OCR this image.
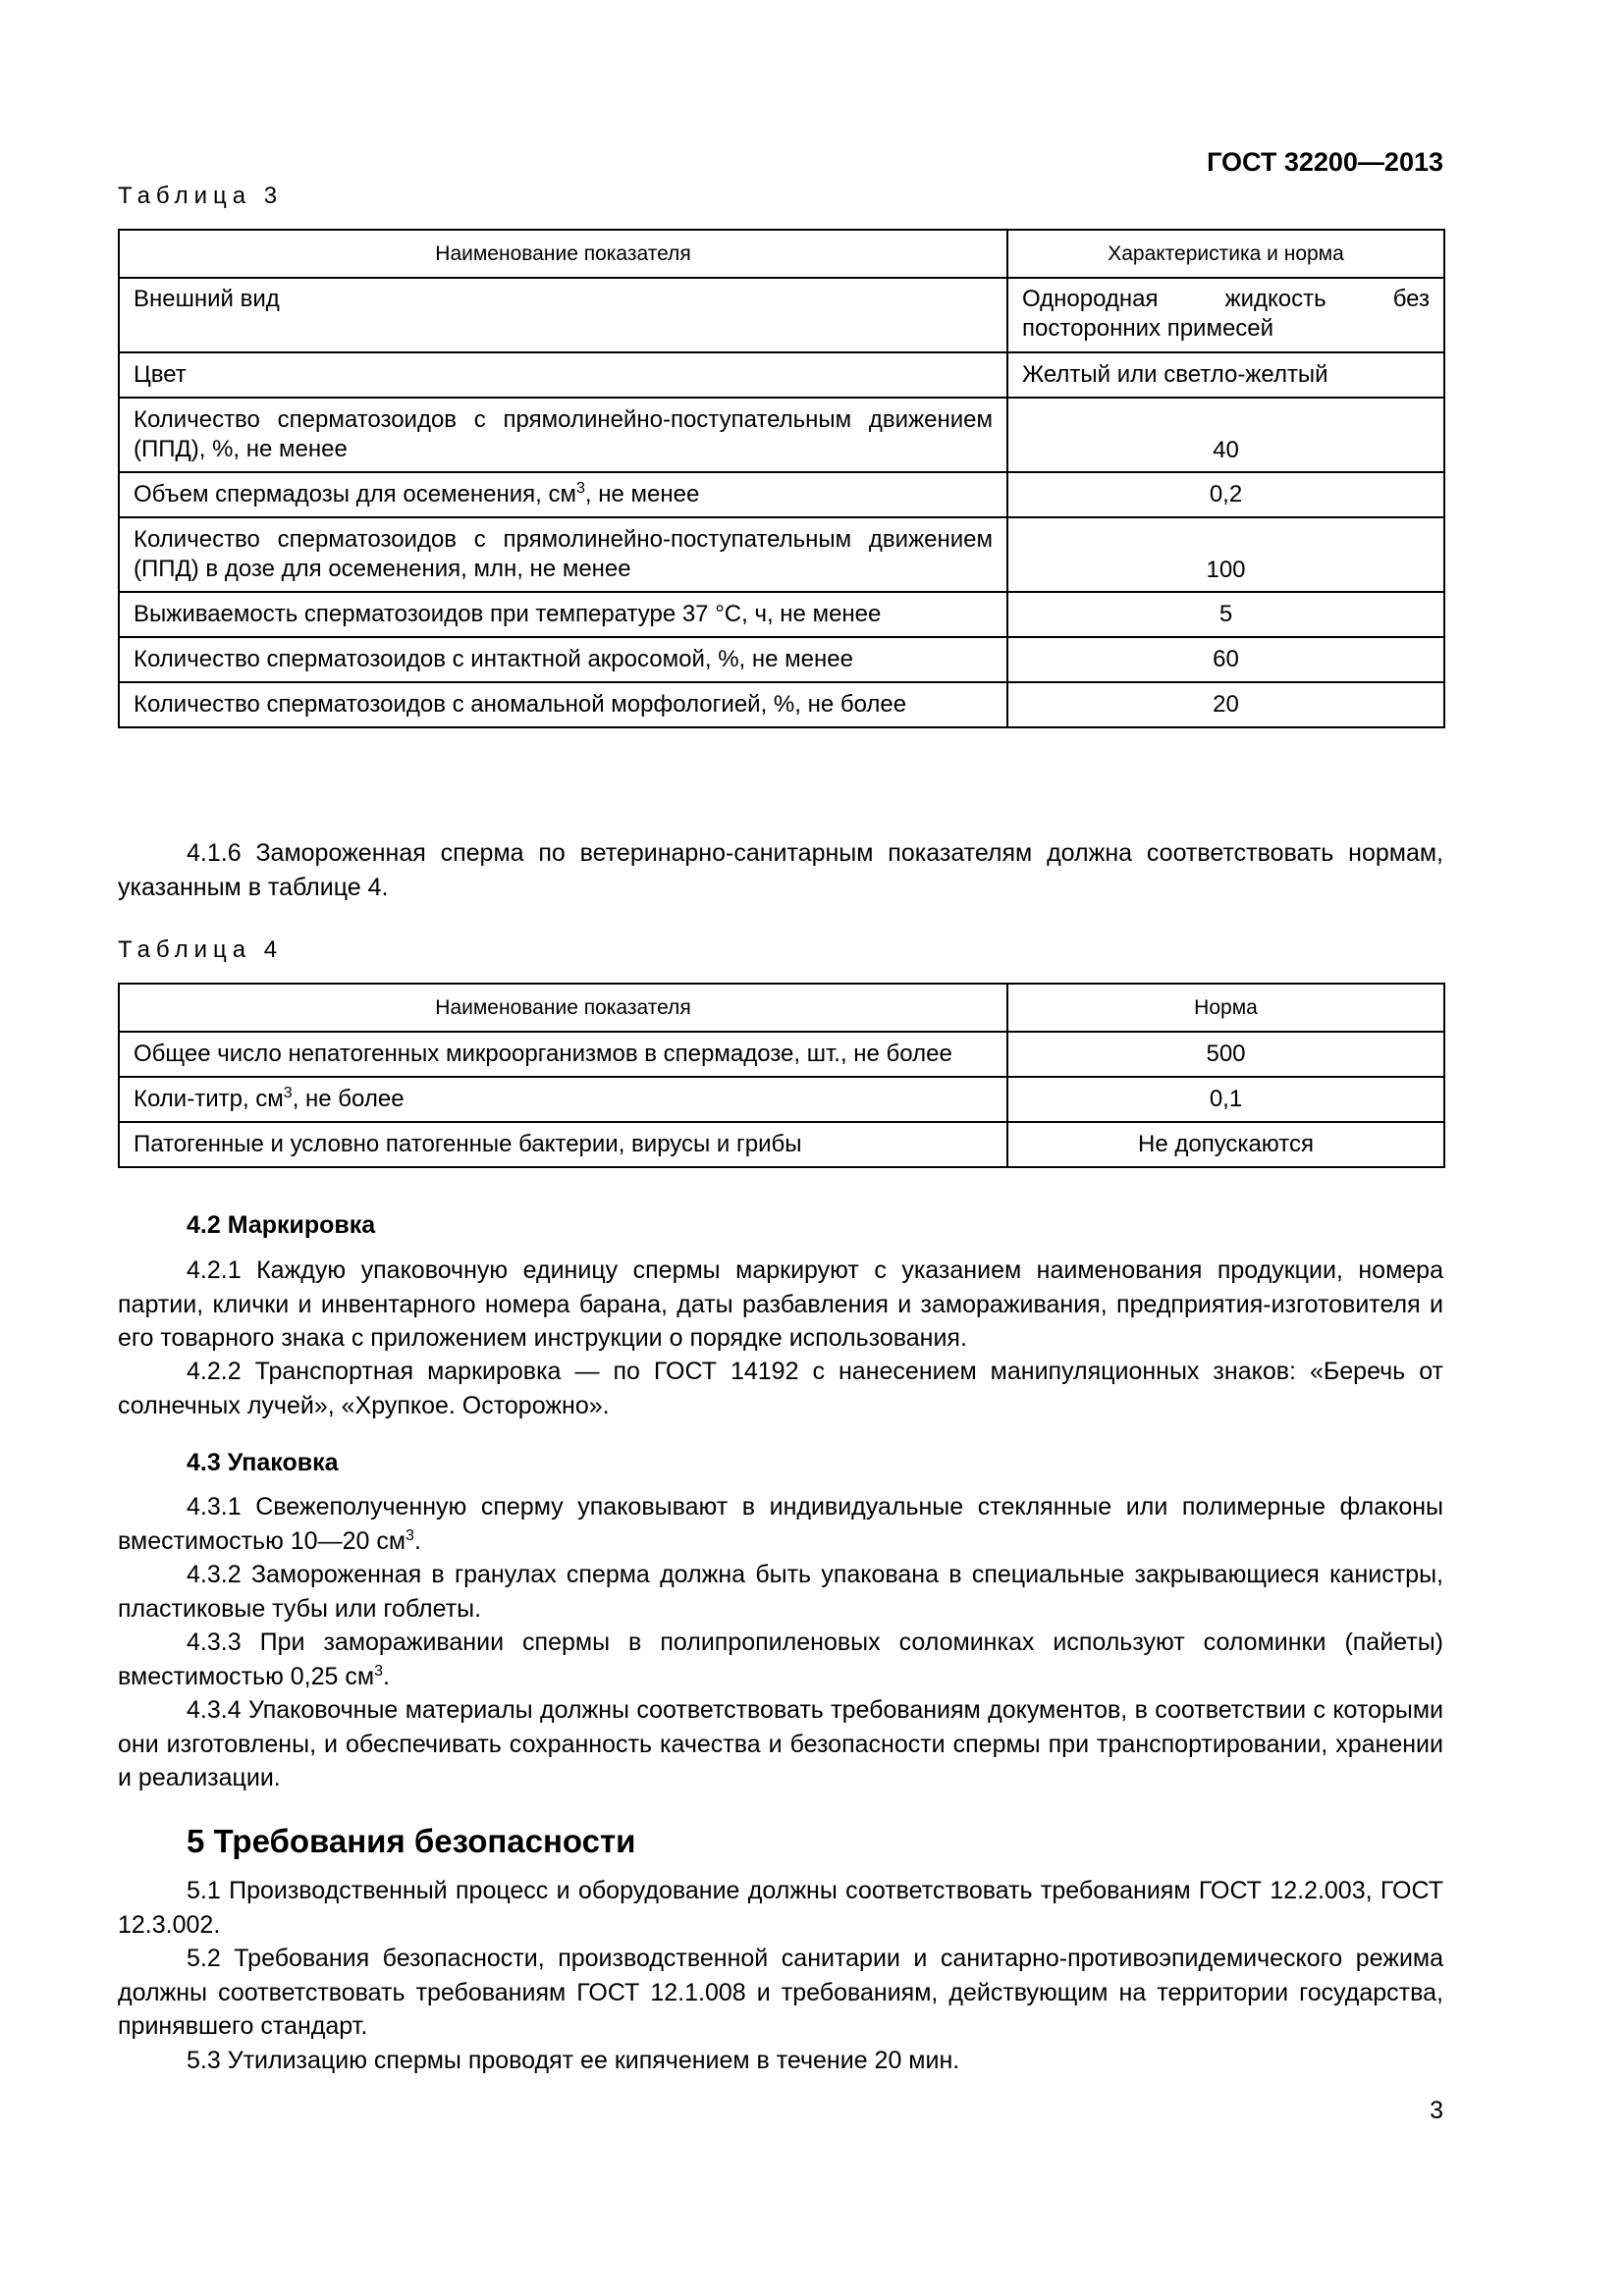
ГОСТ 32200—2013
Таблица 3
Наименование показателя	Характеристика и норма
Внешний вид	Однородная жидкость без посторонних примесей
Цвет	Желтый или светло-желтый
Количество сперматозоидов с прямолинейно-поступательным движением (ППД), %, не менее	40
Объем спермадозы для осеменения, $см^3$, не менее	0,2
Количество сперматозоидов с прямолинейно-поступательным движением (ППД) в дозе для осеменения, млн, не менее	100
Выживаемость сперматозоидов при температуре 37 °С, ч, не менее	5
Количество сперматозоидов с интактной акросомой, %, не менее	60
Количество сперматозоидов с аномальной морфологией, %, не более	20
4.1.6 Замороженная сперма по ветеринарно-санитарным показателям должна соответствовать нормам, указанным в таблице 4.
Таблица 4
Наименование показателя	Норма
Общее число непатогенных микроорганизмов в спермадозе, шт., не более	500
Коли-титр, $см^3$, не более	0,1
Патогенные и условно патогенные бактерии, вирусы и грибы	Не допускаются
4.2 Маркировка
4.2.1 Каждую упаковочную единицу спермы маркируют с указанием наименования продукции, номера партии, клички и инвентарного номера барана, даты разбавления и замораживания, предприятия-изготовителя и его товарного знака с приложением инструкции о порядке использования.
4.2.2 Транспортная маркировка — по ГОСТ 14192 с нанесением манипуляционных знаков: «Беречь от солнечных лучей», «Хрупкое. Осторожно».
4.3 Упаковка
4.3.1 Свежеполученную сперму упаковывают в индивидуальные стеклянные или полимерные флаконы вместимостью 10—20 $см^3$.
4.3.2 Замороженная в гранулах сперма должна быть упакована в специальные закрывающиеся канистры, пластиковые тубы или гоблеты.
4.3.3 При замораживании спермы в полипропиленовых соломинках используют соломинки (пайеты) вместимостью 0,25 $см^3$.
4.3.4 Упаковочные материалы должны соответствовать требованиям документов, в соответствии с которыми они изготовлены, и обеспечивать сохранность качества и безопасности спермы при транспортировании, хранении и реализации.
5 Требования безопасности
5.1 Производственный процесс и оборудование должны соответствовать требованиям ГОСТ 12.2.003, ГОСТ 12.3.002.
5.2 Требования безопасности, производственной санитарии и санитарно-противоэпидемического режима должны соответствовать требованиям ГОСТ 12.1.008 и требованиям, действующим на территории государства, принявшего стандарт.
5.3 Утилизацию спермы проводят ее кипячением в течение 20 мин.
3
